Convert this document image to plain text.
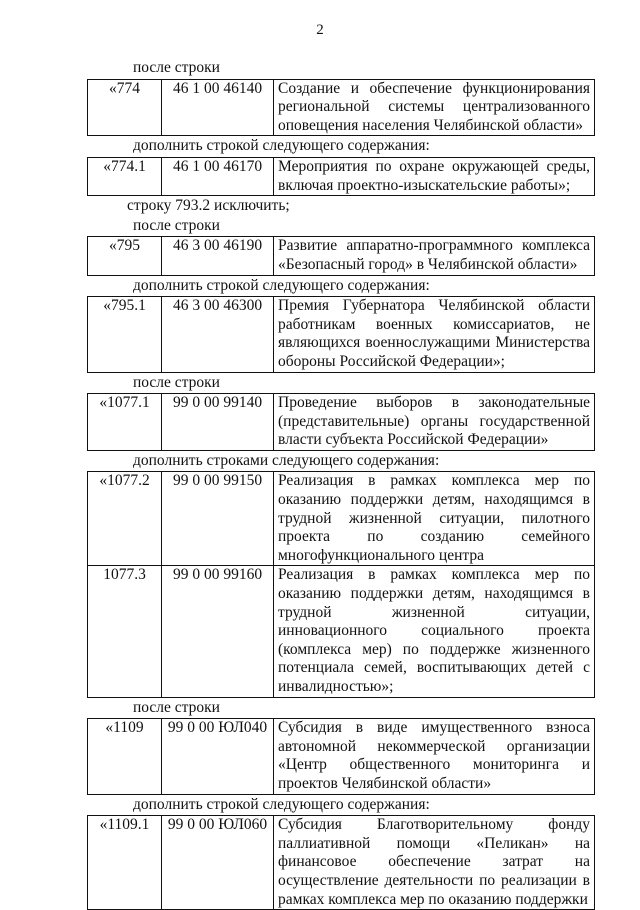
2
после строки
«774	46 1 00 46140	Создание и обеспечение функционирования региональной системы централизованного оповещения населения Челябинской области»
дополнить строкой следующего содержания:
«774.1	46 1 00 46170	Мероприятия по охране окружающей среды, включая проектно-изыскательские работы»;
строку 793.2 исключить;
после строки
«795	46 3 00 46190	Развитие аппаратно-программного комплекса «Безопасный город» в Челябинской области»
дополнить строкой следующего содержания:
«795.1	46 3 00 46300	Премия Губернатора Челябинской области работникам военных комиссариатов, не являющихся военнослужащими Министерства обороны Российской Федерации»;
после строки
«1077.1	99 0 00 99140	Проведение выборов в законодательные (представительные) органы государственной власти субъекта Российской Федерации»
дополнить строками следующего содержания:
«1077.2	99 0 00 99150	Реализация в рамках комплекса мер по оказанию поддержки детям, находящимся в трудной жизненной ситуации, пилотного проекта по созданию семейного многофункционального центра
1077.3	99 0 00 99160	Реализация в рамках комплекса мер по оказанию поддержки детям, находящимся в трудной жизненной ситуации, инновационного социального проекта (комплекса мер) по поддержке жизненного потенциала семей, воспитывающих детей с инвалидностью»;
после строки
«1109	99 0 00 ЮЛ040	Субсидия в виде имущественного взноса автономной некоммерческой организации «Центр общественного мониторинга и проектов Челябинской области»
дополнить строкой следующего содержания:
«1109.1	99 0 00 ЮЛ060	Субсидия Благотворительному фонду паллиативной помощи «Пеликан» на финансовое обеспечение затрат на осуществление деятельности по реализации в рамках комплекса мер по оказанию поддержки
